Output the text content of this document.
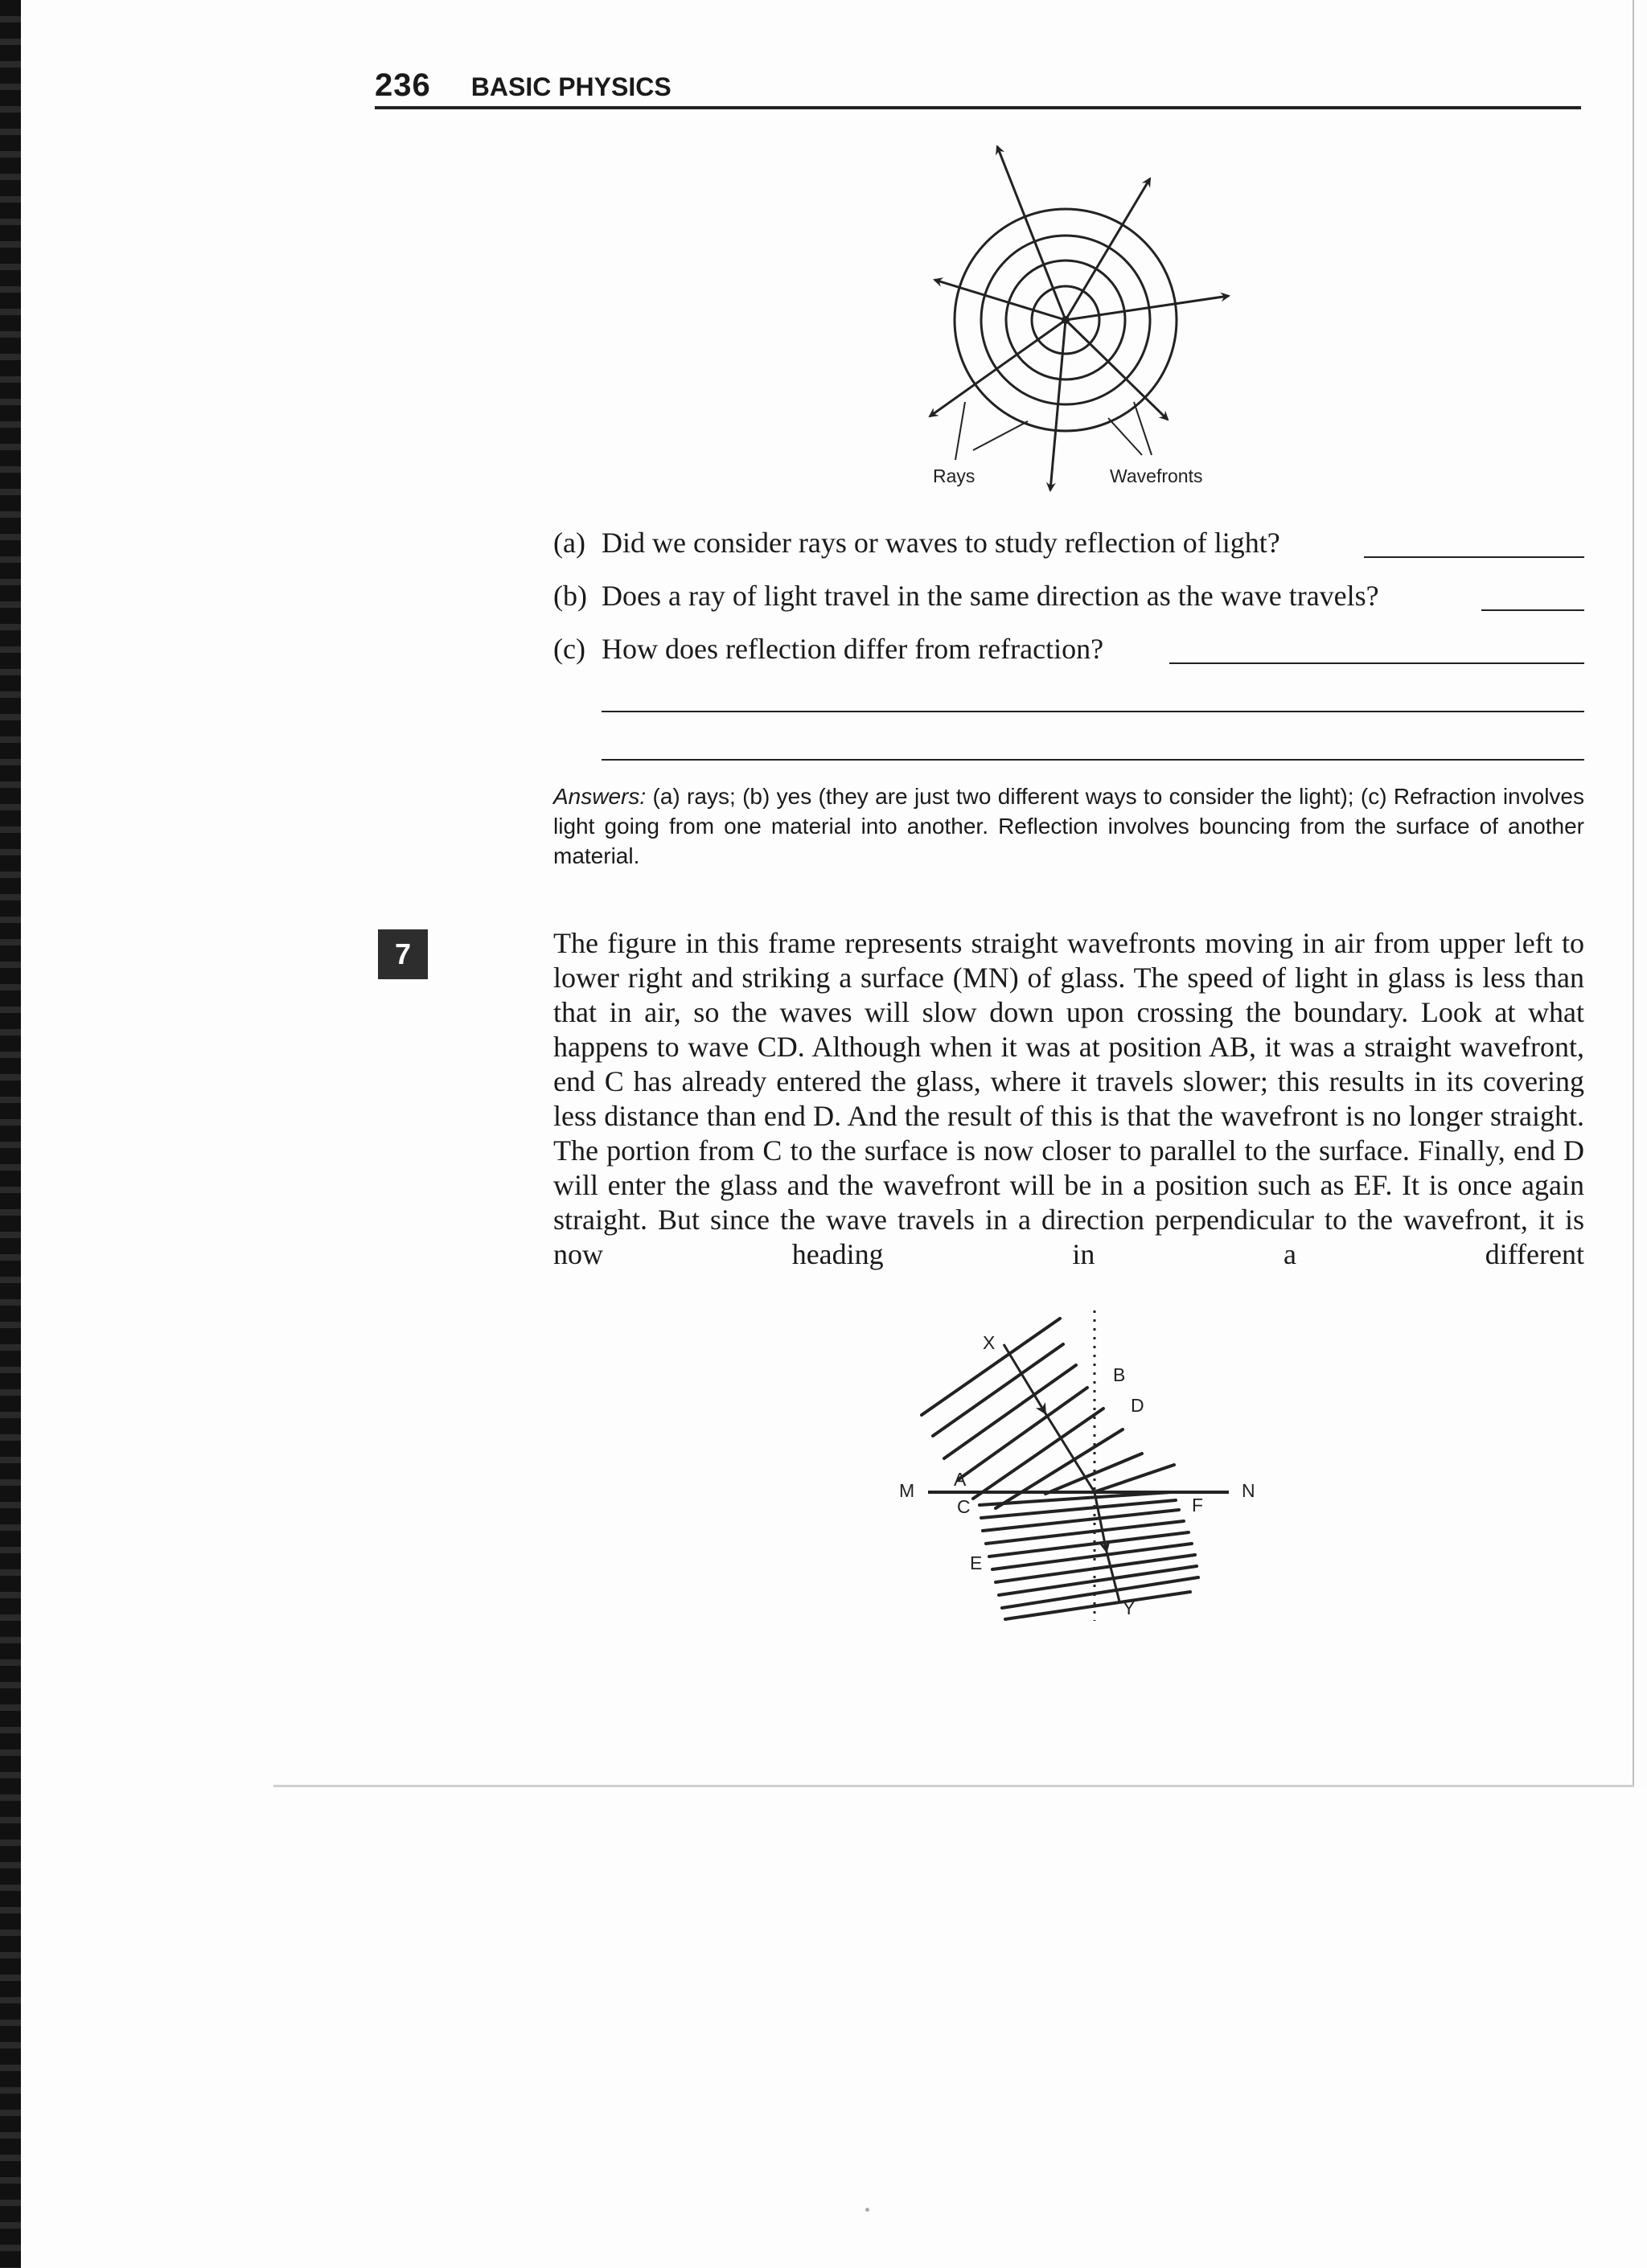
236 BASIC PHYSICS
Rays	Wavefronts
(a) Did we consider rays or waves to study reflection of light?
(b) Does a ray of light travel in the same direction as the wave travels?
(c) How does reflection differ from refraction?
Answers: (a) rays; (b) yes (they are just two different ways to consider the light); (c) Refraction involves light going from one material into another. Reflection involves bouncing from the surface of another material.
7	The figure in this frame represents straight wavefronts moving in air from upper left to lower right and striking a surface (MN) of glass. The speed of light in glass is less than that in air, so the waves will slow down upon crossing the boundary. Look at what happens to wave CD. Although when it was at position AB, it was a straight wavefront, end C has already entered the glass, where it travels slower; this results in its covering less distance than end D. And the result of this is that the wavefront is no longer straight. The portion from C to the surface is now closer to parallel to the surface. Finally, end D will enter the glass and the wavefront will be in a position such as EF. It is once again straight. But since the wave travels in a direction perpendicular to the wavefront, it is now heading in a different
X
B
D
M
A
C
N
F
E
Y
